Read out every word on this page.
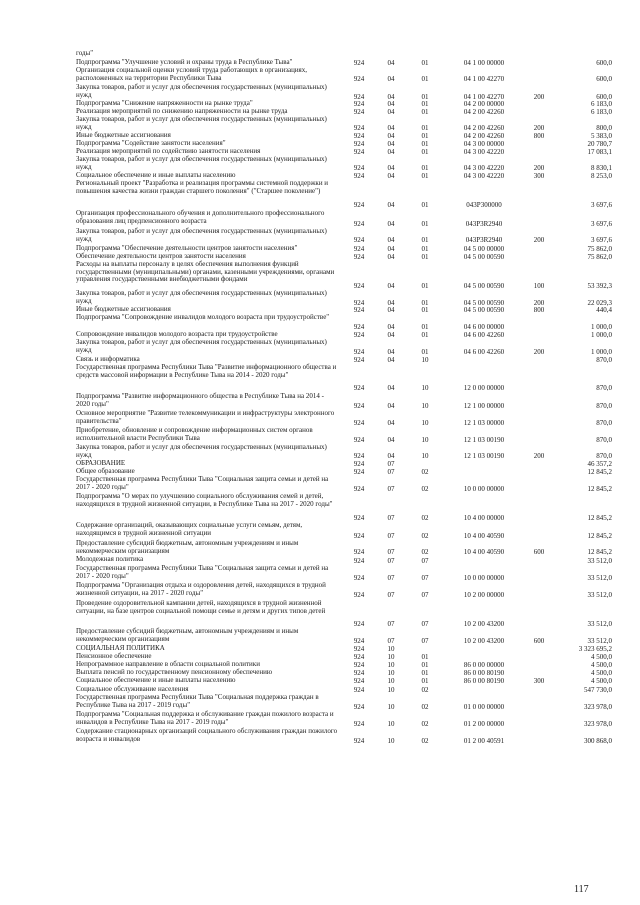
годы"
Подпрограмма "Улучшение условий и охраны труда в Республике Тыва"	924	04	01	04 1 00 00000	600,0
Организация социальной оценки условий труда работающих в организациях, расположенных на территории Республики Тыва	924	04	01	04 1 00 42270	600,0
Закупка товаров, работ и услуг для обеспечения государственных (муниципальных) нужд	924	04	01	04 1 00 42270	200	600,0
Подпрограмма "Снижение напряженности на рынке труда"	924	04	01	04 2 00 00000	6 183,0
Реализация мероприятий по снижению напряженности на рынке труда	924	04	01	04 2 00 42260	6 183,0
Закупка товаров, работ и услуг для обеспечения государственных (муниципальных) нужд	924	04	01	04 2 00 42260	200	800,0
Иные бюджетные ассигнования	924	04	01	04 2 00 42260	800	5 383,0
Подпрограмма "Содействие занятости населения"	924	04	01	04 3 00 00000	20 780,7
Реализация мероприятий по содействию занятости населения	924	04	01	04 3 00 42220	17 083,1
Закупка товаров, работ и услуг для обеспечения государственных (муниципальных) нужд	924	04	01	04 3 00 42220	200	8 830,1
Социальное обеспечение и иные выплаты населению	924	04	01	04 3 00 42220	300	8 253,0
Региональный проект "Разработка и реализация программы системной поддержки и повышения качества жизни граждан старшего поколения" ("Старшее поколение")
924	04	01	043P300000	3 697,6
Организация профессионального обучения и дополнительного профессионального образования лиц предпенсионного возраста	924	04	01	043P3R2940	3 697,6
Закупка товаров, работ и услуг для обеспечения государственных (муниципальных) нужд	924	04	01	043P3R2940	200	3 697,6
Подпрограмма "Обеспечение деятельности центров занятости населения"	924	04	01	04 5 00 00000	75 862,0
Обеспечение деятельности центров занятости населения	924	04	01	04 5 00 00590	75 862,0
Расходы на выплаты персоналу в целях обеспечения выполнения функций государственными (муниципальными) органами, казенными учреждениями, органами управления государственными внебюджетными фондами
924	04	01	04 5 00 00590	100	53 392,3
Закупка товаров, работ и услуг для обеспечения государственных (муниципальных) нужд	924	04	01	04 5 00 00590	200	22 029,3
Иные бюджетные ассигнования	924	04	01	04 5 00 00590	800	440,4
Подпрограмма "Сопровождение инвалидов молодого возраста при трудоустройстве"
924	04	01	04 6 00 00000	1 000,0
Сопровождение инвалидов молодого возраста при трудоустройстве	924	04	01	04 6 00 42260	1 000,0
Закупка товаров, работ и услуг для обеспечения государственных (муниципальных) нужд	924	04	01	04 6 00 42260	200	1 000,0
Связь и информатика	924	04	10	870,0
Государственная программа Республики Тыва "Развитие информационного общества и средств массовой информации в Республике Тыва на 2014 - 2020 годы"
924	04	10	12 0 00 00000	870,0
Подпрограмма "Развитие информационного общества в Республике Тыва на 2014 - 2020 годы"	924	04	10	12 1 00 00000	870,0
Основное мероприятие "Развитие телекоммуникации и инфраструктуры электронного правительства"	924	04	10	12 1 03 00000	870,0
Приобретение, обновление и сопровождение информационных систем органов исполнительной власти Республики Тыва	924	04	10	12 1 03 00190	870,0
Закупка товаров, работ и услуг для обеспечения государственных (муниципальных) нужд	924	04	10	12 1 03 00190	200	870,0
ОБРАЗОВАНИЕ	924	07	46 357,2
Общее образование	924	07	02	12 845,2
Государственная программа Республики Тыва "Социальная защита семьи и детей на 2017 - 2020 годы"	924	07	02	10 0 00 00000	12 845,2
Подпрограмма "О мерах по улучшению социального обслуживания семей и детей, находящихся в трудной жизненной ситуации, в Республике Тыва на 2017 - 2020 годы"
924	07	02	10 4 00 00000	12 845,2
Содержание организаций, оказывающих социальные услуги семьям, детям, находящимся в трудной жизненной ситуации	924	07	02	10 4 00 40590	12 845,2
Предоставление субсидий бюджетным, автономным учреждениям и иным некоммерческим организациям	924	07	02	10 4 00 40590	600	12 845,2
Молодежная политика	924	07	07	33 512,0
Государственная программа Республики Тыва "Социальная защита семьи и детей на 2017 - 2020 годы"	924	07	07	10 0 00 00000	33 512,0
Подпрограмма "Организация отдыха и оздоровления детей, находящихся в трудной жизненной ситуации, на 2017 - 2020 годы"	924	07	07	10 2 00 00000	33 512,0
Проведение оздоровительной кампании детей, находящихся в трудной жизненной ситуации, на базе центров социальной помощи семье и детям и других типов детей
924	07	07	10 2 00 43200	33 512,0
Предоставление субсидий бюджетным, автономным учреждениям и иным некоммерческим организациям	924	07	07	10 2 00 43200	600	33 512,0
СОЦИАЛЬНАЯ ПОЛИТИКА	924	10	3 323 695,2
Пенсионное обеспечение	924	10	01	4 500,0
Непрограммное направление в области социальной политики	924	10	01	86 0 00 00000	4 500,0
Выплата пенсий по государственному пенсионному обеспечению	924	10	01	86 0 00 80190	4 500,0
Социальное обеспечение и иные выплаты населению	924	10	01	86 0 00 80190	300	4 500,0
Социальное обслуживание населения	924	10	02	547 730,0
Государственная программа Республики Тыва "Социальная поддержка граждан в Республике Тыва на 2017 - 2019 годы"	924	10	02	01 0 00 00000	323 978,0
Подпрограмма "Социальная поддержка и обслуживание граждан пожилого возраста и инвалидов в Республике Тыва на 2017 - 2019 годы"	924	10	02	01 2 00 00000	323 978,0
Содержание стационарных организаций социального обслуживания граждан пожилого возраста и инвалидов	924	10	02	01 2 00 40591	300 868,0
117
